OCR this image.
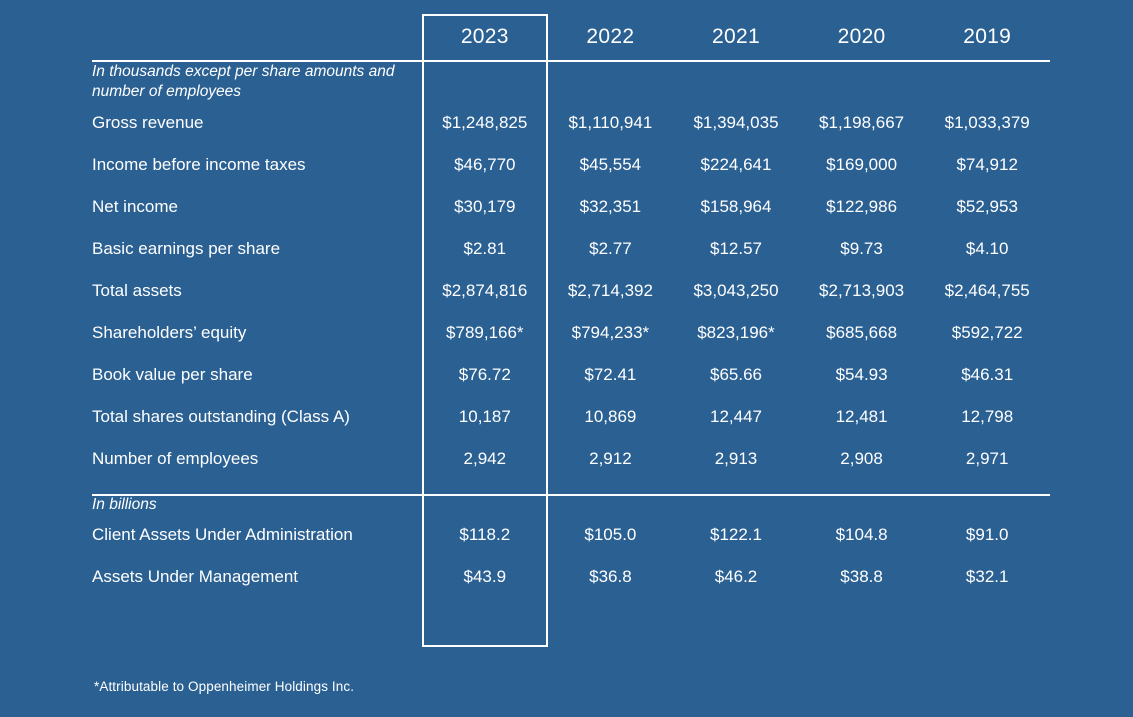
	2023	2022	2021	2020	2019
In thousands except per share amounts and number of employees					
Gross revenue	$1,248,825	$1,110,941	$1,394,035	$1,198,667	$1,033,379
Income before income taxes	$46,770	$45,554	$224,641	$169,000	$74,912
Net income	$30,179	$32,351	$158,964	$122,986	$52,953
Basic earnings per share	$2.81	$2.77	$12.57	$9.73	$4.10
Total assets	$2,874,816	$2,714,392	$3,043,250	$2,713,903	$2,464,755
Shareholders’ equity	$789,166*	$794,233*	$823,196*	$685,668	$592,722
Book value per share	$76.72	$72.41	$65.66	$54.93	$46.31
Total shares outstanding (Class A)	10,187	10,869	12,447	12,481	12,798
Number of employees	2,942	2,912	2,913	2,908	2,971

In billions					
Client Assets Under Administration	$118.2	$105.0	$122.1	$104.8	$91.0
Assets Under Management	$43.9	$36.8	$46.2	$38.8	$32.1
*Attributable to Oppenheimer Holdings Inc.
